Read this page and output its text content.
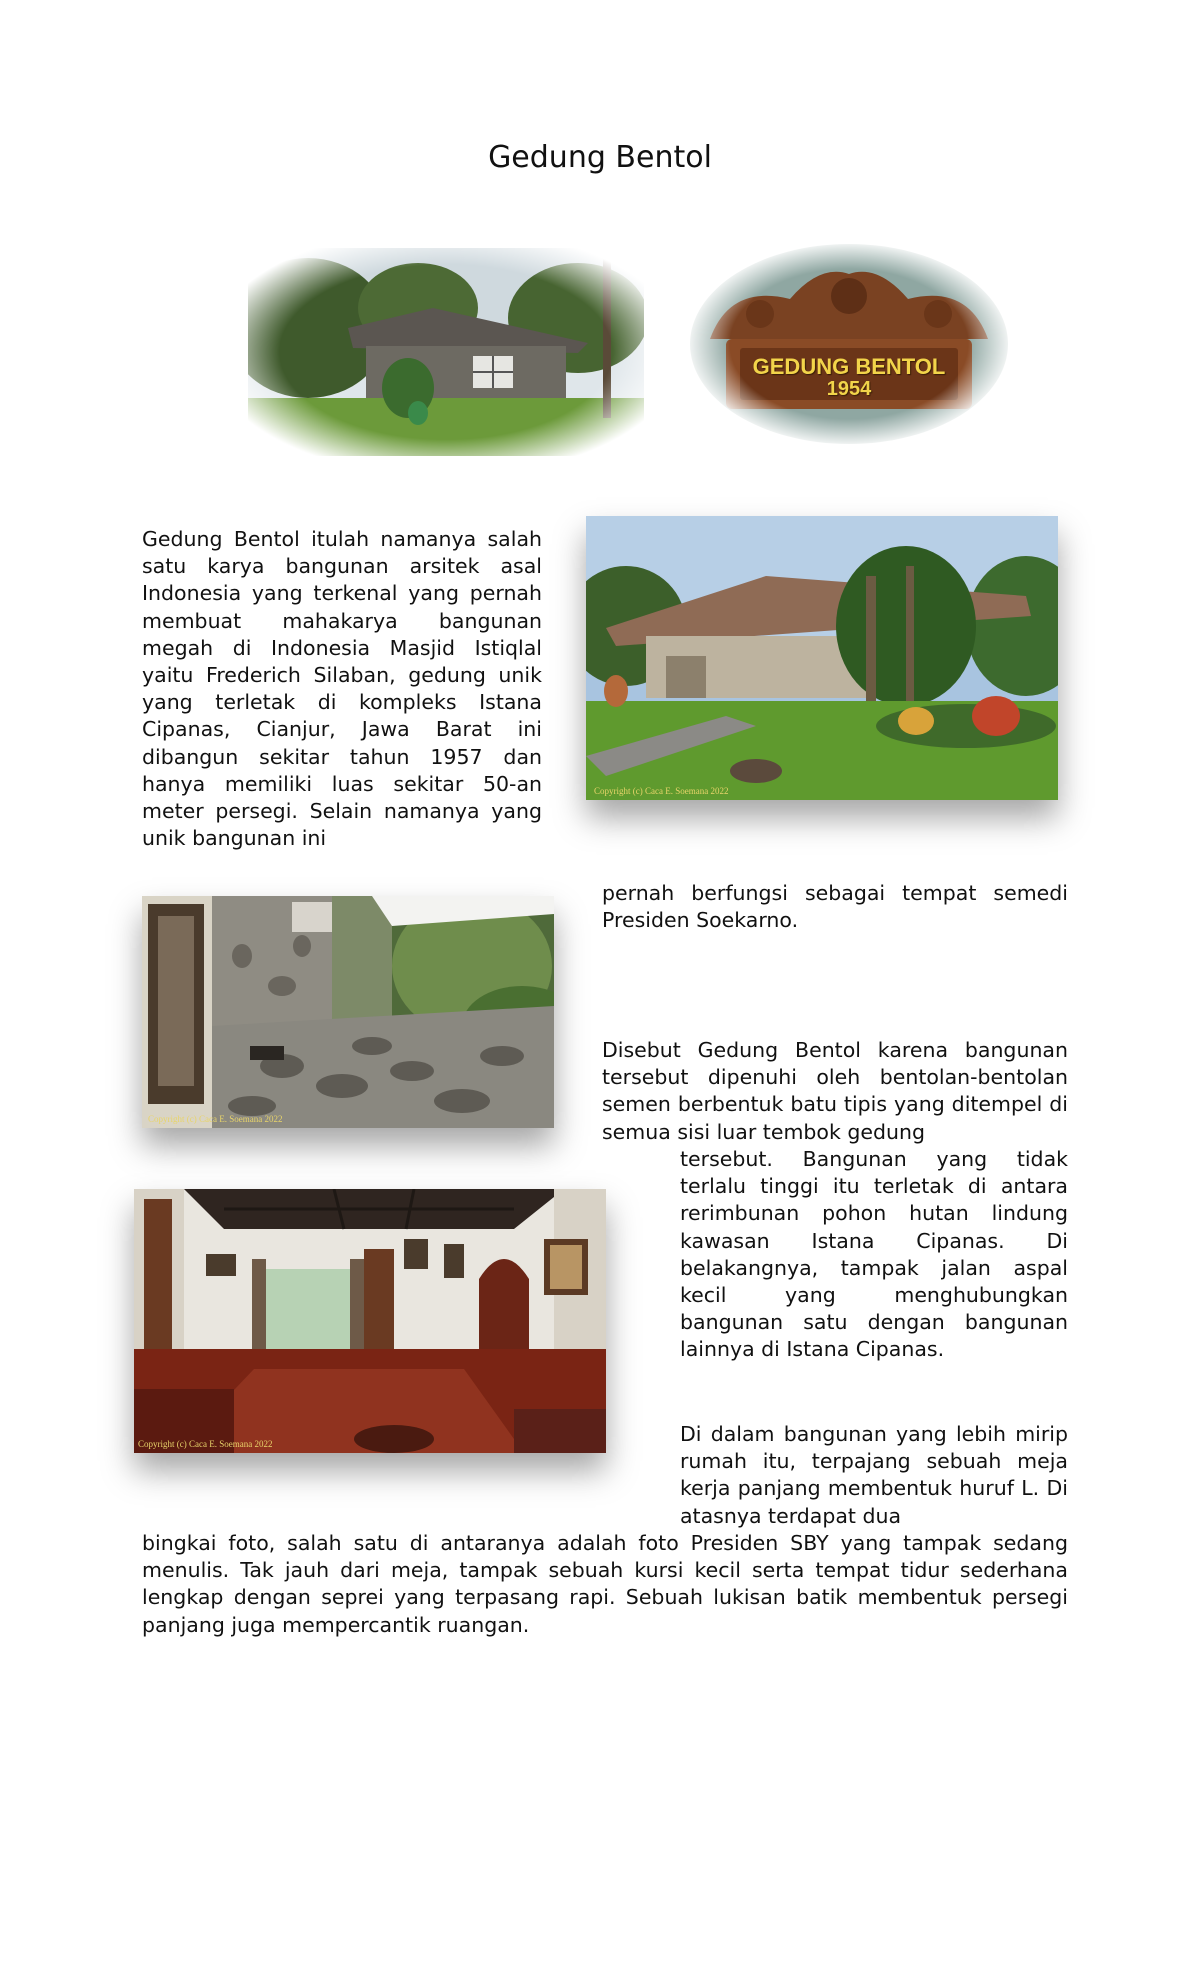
Gedung Bentol
GEDUNG BENTOL
1954
Gedung Bentol itulah namanya salah satu karya bangunan arsitek asal Indonesia yang terkenal yang pernah membuat mahakarya bangunan megah di Indonesia Masjid Istiqlal yaitu Frederich Silaban, gedung unik yang terletak di kompleks Istana Cipanas, Cianjur, Jawa Barat ini dibangun sekitar tahun 1957 dan hanya memiliki luas sekitar 50-an meter persegi. Selain namanya yang unik bangunan ini
Copyright (c) Caca E. Soemana 2022
pernah berfungsi sebagai tempat semedi Presiden Soekarno.
Copyright (c) Caca E. Soemana 2022
Disebut Gedung Bentol karena bangunan tersebut dipenuhi oleh bentolan-bentolan semen berbentuk batu tipis yang ditempel di semua sisi luar tembok gedung
tersebut. Bangunan yang tidak terlalu tinggi itu terletak di antara rerimbunan pohon hutan lindung kawasan Istana Cipanas. Di belakangnya, tampak jalan aspal kecil yang menghubungkan bangunan satu dengan bangunan lainnya di Istana Cipanas.
Copyright (c) Caca E. Soemana 2022	Di dalam bangunan yang lebih mirip rumah itu, terpajang sebuah meja kerja panjang membentuk huruf L. Di atasnya terdapat dua
bingkai foto, salah satu di antaranya adalah foto Presiden SBY yang tampak sedang menulis. Tak jauh dari meja, tampak sebuah kursi kecil serta tempat tidur sederhana lengkap dengan seprei yang terpasang rapi. Sebuah lukisan batik membentuk persegi panjang juga mempercantik ruangan.
